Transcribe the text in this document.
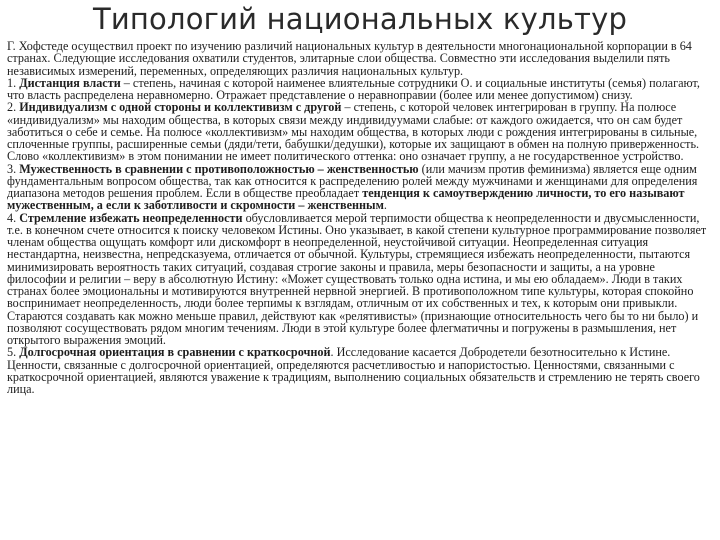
Типологий национальных культур

Г. Хофстеде осуществил проект по изучению различий национальных культур в деятельности многонациональной корпорации в 64 странах. Следующие исследования охватили студентов, элитарные слои общества. Совместно эти исследования выделили пять независимых измерений, переменных, определяющих различия национальных культур.

1. Дистанция власти – степень, начиная с которой наименее влиятельные сотрудники О. и социальные институты (семья) полагают, что власть распределена неравномерно. Отражает представление о неравноправии (более или менее допустимом) снизу.

2. Индивидуализм с одной стороны и коллективизм с другой – степень, с которой человек интегрирован в группу. На полюсе «индивидуализм» мы находим общества, в которых связи между индивидуумами слабые: от каждого ожидается, что он сам будет заботиться о себе и семье. На полюсе «коллективизм» мы находим общества, в которых люди с рождения интегрированы в сильные, сплоченные группы, расширенные семьи (дяди/тети, бабушки/дедушки), которые их защищают в обмен на полную приверженность. Слово «коллективизм» в этом понимании не имеет политического оттенка: оно означает группу, а не государственное устройство.

3. Мужественность в сравнении с противоположностью – женственностью (или мачизм против феминизма) является еще одним фундаментальным вопросом общества, так как относится к распределению ролей между мужчинами и женщинами для определения диапазона методов решения проблем. Если в обществе преобладает тенденция к самоутверждению личности, то его называют мужественным, а если к заботливости и скромности – женственным.

4. Стремление избежать неопределенности обусловливается мерой терпимости общества к неопределенности и двусмысленности, т.е. в конечном счете относится к поиску человеком Истины. Оно указывает, в какой степени культурное программирование позволяет членам общества ощущать комфорт или дискомфорт в неопределенной, неустойчивой ситуации. Неопределенная ситуация нестандартна, неизвестна, непредсказуема, отличается от обычной. Культуры, стремящиеся избежать неопределенности, пытаются минимизировать вероятность таких ситуаций, создавая строгие законы и правила, меры безопасности и защиты, а на уровне философии и религии – веру в абсолютную Истину: «Может существовать только одна истина, и мы ею обладаем». Люди в таких странах более эмоциональны и мотивируются внутренней нервной энергией. В противоположном типе культуры, которая спокойно воспринимает неопределенность, люди более терпимы к взглядам, отличным от их собственных и тех, к которым они привыкли. Стараются создавать как можно меньше правил, действуют как «релятивисты» (признающие относительность чего бы то ни было) и позволяют сосуществовать рядом многим течениям. Люди в этой культуре более флегматичны и погружены в размышления, нет открытого выражения эмоций.

5. Долгосрочная ориентация в сравнении с краткосрочной. Исследование касается Добродетели безотносительно к Истине. Ценности, связанные с долгосрочной ориентацией, определяются расчетливостью и напористостью. Ценностями, связанными с краткосрочной ориентацией, являются уважение к традициям, выполнению социальных обязательств и стремлению не терять своего лица.
